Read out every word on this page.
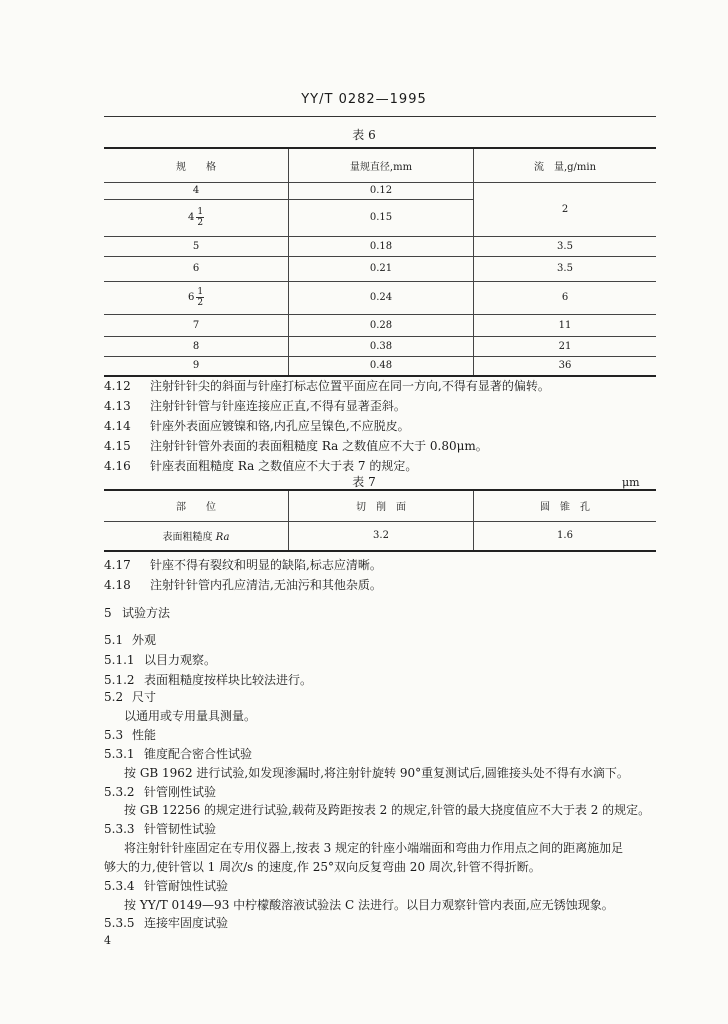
YY/T 0282—1995
表 6
规　　格	量规直径,mm	流　量,g/min
4	0.12	2
$4 \frac{1}{2}$	0.15	
5	0.18	3.5
6	0.21	3.5
$6 \frac{1}{2}$	0.24	6
7	0.28	11
8	0.38	21
9	0.48	36
4.12 注射针针尖的斜面与针座打标志位置平面应在同一方向,不得有显著的偏转。
4.13 注射针针管与针座连接应正直,不得有显著歪斜。
4.14 针座外表面应镀镍和铬,内孔应呈镍色,不应脱皮。
4.15 注射针针管外表面的表面粗糙度 Ra 之数值应不大于 0.80μm。
4.16 针座表面粗糙度 Ra 之数值应不大于表 7 的规定。
表 7	μm
部　　位	切　削　面	圆　锥　孔
表面粗糙度 Ra	3.2	1.6
4.17 针座不得有裂纹和明显的缺陷,标志应清晰。
4.18 注射针针管内孔应清洁,无油污和其他杂质。
5 试验方法
5.1 外观
5.1.1 以目力观察。
5.1.2 表面粗糙度按样块比较法进行。
5.2 尺寸
以通用或专用量具测量。
5.3 性能
5.3.1 锥度配合密合性试验
按 GB 1962 进行试验,如发现渗漏时,将注射针旋转 90°重复测试后,圆锥接头处不得有水滴下。
5.3.2 针管刚性试验
按 GB 12256 的规定进行试验,载荷及跨距按表 2 的规定,针管的最大挠度值应不大于表 2 的规定。
5.3.3 针管韧性试验
将注射针针座固定在专用仪器上,按表 3 规定的针座小端端面和弯曲力作用点之间的距离施加足
够大的力,使针管以 1 周次/s 的速度,作 25°双向反复弯曲 20 周次,针管不得折断。
5.3.4 针管耐蚀性试验
按 YY/T 0149—93 中柠檬酸溶液试验法 C 法进行。以目力观察针管内表面,应无锈蚀现象。
5.3.5 连接牢固度试验
4
